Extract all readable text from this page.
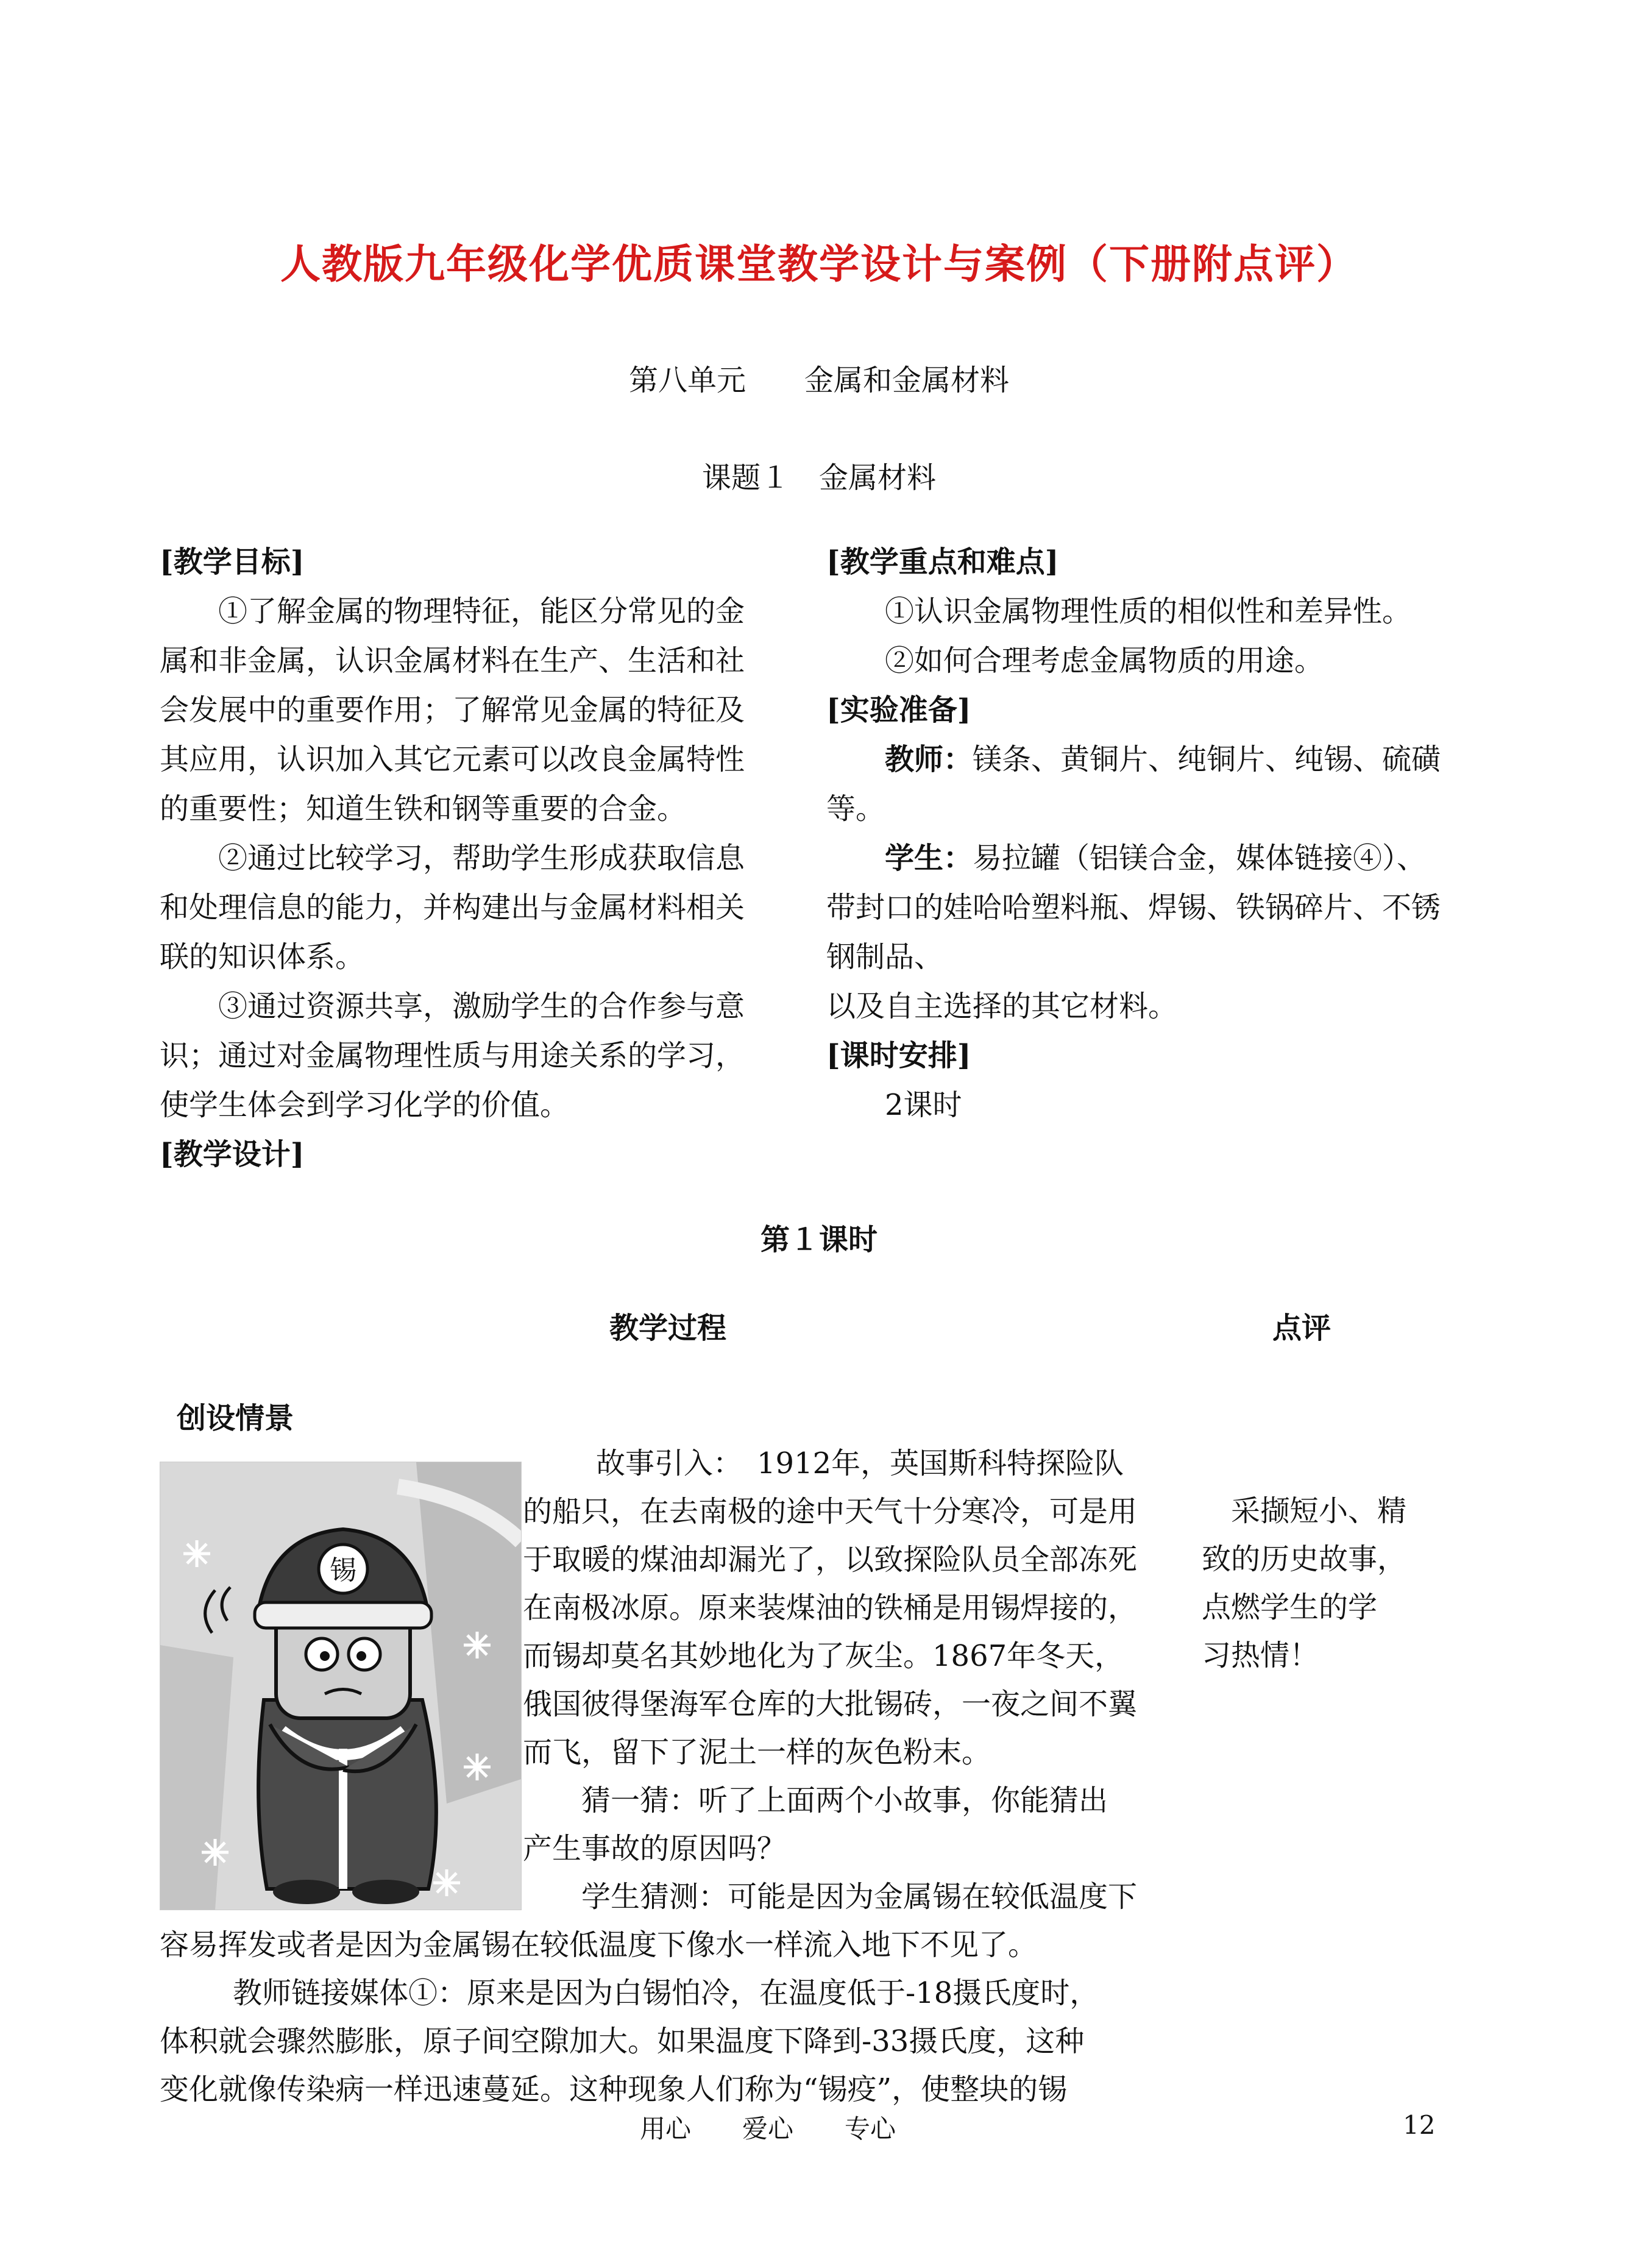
人教版九年级化学优质课堂教学设计与案例（下册附点评）
第八单元　　金属和金属材料
课题１　金属材料

[教学目标]

①了解金属的物理特征，能区分常见的金属和非金属，认识金属材料在生产、生活和社会发展中的重要作用；了解常见金属的特征及其应用，认识加入其它元素可以改良金属特性的重要性；知道生铁和钢等重要的合金。

②通过比较学习，帮助学生形成获取信息和处理信息的能力，并构建出与金属材料相关联的知识体系。

③通过资源共享，激励学生的合作参与意识；通过对金属物理性质与用途关系的学习，使学生体会到学习化学的价值。

[教学设计]

[教学重点和难点]

①认识金属物理性质的相似性和差异性。

②如何合理考虑金属物质的用途。

[实验准备]

教师：镁条、黄铜片、纯铜片、纯锡、硫磺等。

学生：易拉罐（铝镁合金，媒体链接④）、带封口的娃哈哈塑料瓶、焊锡、铁锅碎片、不锈钢制品、

以及自主选择的其它材料。

[课时安排]

2课时

第１课时
教学过程	点评
创设情景
锡

故事引入：　1912年，英国斯科特探险队

的船只，在去南极的途中天气十分寒冷，可是用

于取暖的煤油却漏光了，以致探险队员全部冻死

在南极冰原。原来装煤油的铁桶是用锡焊接的，

而锡却莫名其妙地化为了灰尘。1867年冬天，

俄国彼得堡海军仓库的大批锡砖，一夜之间不翼

而飞，留下了泥土一样的灰色粉末。

猜一猜：听了上面两个小故事，你能猜出

产生事故的原因吗？

学生猜测：可能是因为金属锡在较低温度下

容易挥发或者是因为金属锡在较低温度下像水一样流入地下不见了。

教师链接媒体①：原来是因为白锡怕冷，在温度低于-18摄氏度时，

体积就会骤然膨胀，原子间空隙加大。如果温度下降到-33摄氏度，这种

变化就像传染病一样迅速蔓延。这种现象人们称为“锡疫”，使整块的锡

采撷短小、精

致的历史故事，

点燃学生的学

习热情！

用心　　爱心　　专心	12
